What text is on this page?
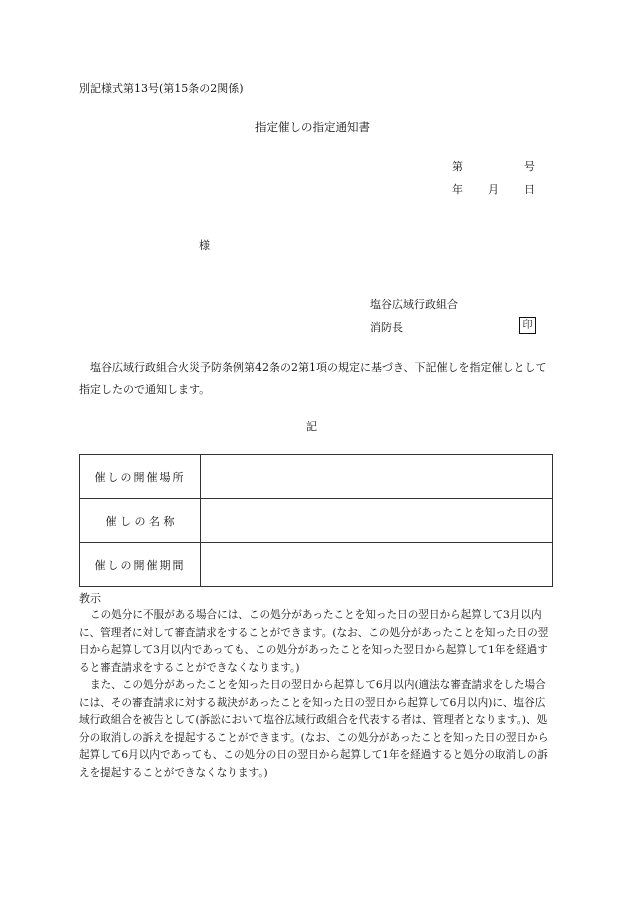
別記様式第13号(第15条の2関係)
指定催しの指定通知書
第	号
年 月 日
様
塩谷広域行政組合
消防長	印
塩谷広域行政組合火災予防条例第42条の2第1項の規定に基づき、下記催しを指定催しとして指定したので通知します。
記
催しの開催場所	
催 し の 名 称	
催しの開催期間	
教示

この処分に不服がある場合には、この処分があったことを知った日の翌日から起算して3月以内に、管理者に対して審査請求をすることができます。(なお、この処分があったことを知った日の翌日から起算して3月以内であっても、この処分があったことを知った翌日から起算して1年を経過すると審査請求をすることができなくなります。)

また、この処分があったことを知った日の翌日から起算して6月以内(適法な審査請求をした場合には、その審査請求に対する裁決があったことを知った日の翌日から起算して6月以内)に、塩谷広域行政組合を被告として(訴訟において塩谷広域行政組合を代表する者は、管理者となります。)、処分の取消しの訴えを提起することができます。(なお、この処分があったことを知った日の翌日から起算して6月以内であっても、この処分の日の翌日から起算して1年を経過すると処分の取消しの訴えを提起することができなくなります。)
